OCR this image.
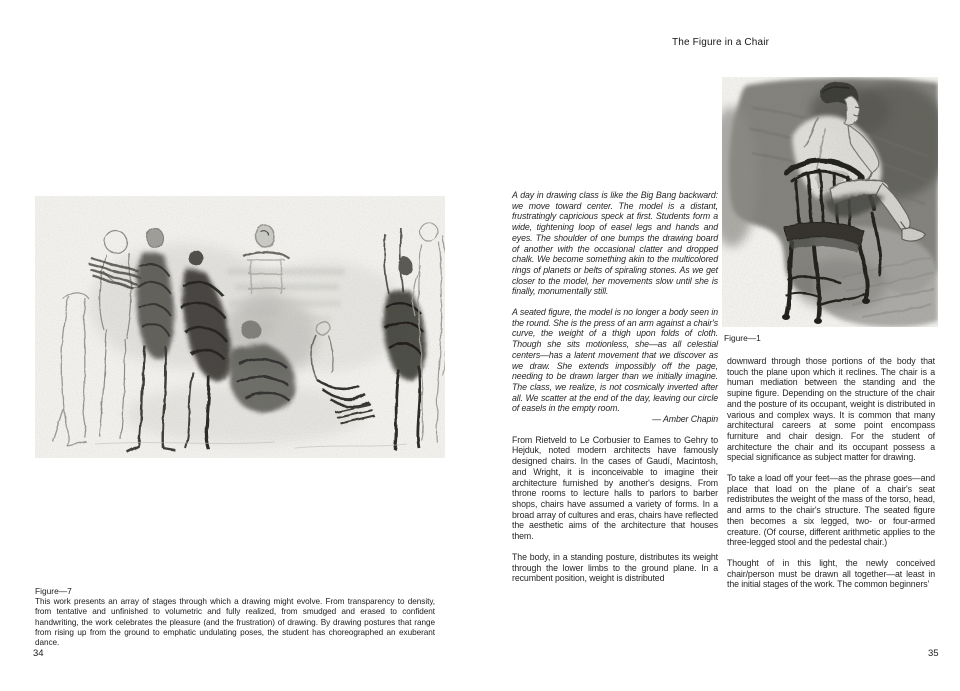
Figure—7
This work presents an array of stages through which a drawing might evolve. From transparency to density, from tentative and unfinished to volumetric and fully realized, from smudged and erased to confident handwriting, the work celebrates the pleasure (and the frustration) of drawing. By drawing postures that range from rising up from the ground to emphatic undulating poses, the student has choreographed an exuberant dance.
34
The Figure in a Chair
Figure—1

A day in drawing class is like the Big Bang backward: we move toward center. The model is a distant, frustratingly capricious speck at first. Students form a wide, tightening loop of easel legs and hands and eyes. The shoulder of one bumps the drawing board of another with the occasional clatter and dropped chalk. We become something akin to the multicolored rings of planets or belts of spiraling stones. As we get closer to the model, her movements slow until she is finally, monumentally still.

A seated figure, the model is no longer a body seen in the round. She is the press of an arm against a chair's curve, the weight of a thigh upon folds of cloth. Though she sits motionless, she—as all celestial centers—has a latent movement that we discover as we draw. She extends impossibly off the page, needing to be drawn larger than we initially imagine. The class, we realize, is not cosmically inverted after all. We scatter at the end of the day, leaving our circle of easels in the empty room.

— Amber Chapin

From Rietveld to Le Corbusier to Eames to Gehry to Hejduk, noted modern architects have famously designed chairs. In the cases of Gaudí, Macintosh, and Wright, it is inconceivable to imagine their architecture furnished by another's designs. From throne rooms to lecture halls to parlors to barber shops, chairs have assumed a variety of forms. In a broad array of cultures and eras, chairs have reflected the aesthetic aims of the architecture that houses them.

The body, in a standing posture, distributes its weight through the lower limbs to the ground plane. In a recumbent position, weight is distributed

downward through those portions of the body that touch the plane upon which it reclines. The chair is a human mediation between the standing and the supine figure. Depending on the structure of the chair and the posture of its occupant, weight is distributed in various and complex ways. It is common that many architectural careers at some point encompass furniture and chair design. For the student of architecture the chair and its occupant possess a special significance as subject matter for drawing.

To take a load off your feet—as the phrase goes—and place that load on the plane of a chair's seat redistributes the weight of the mass of the torso, head, and arms to the chair's structure. The seated figure then becomes a six legged, two- or four-armed creature. (Of course, different arithmetic applies to the three-legged stool and the pedestal chair.)

Thought of in this light, the newly conceived chair/person must be drawn all together—at least in the initial stages of the work. The common beginners'

35
